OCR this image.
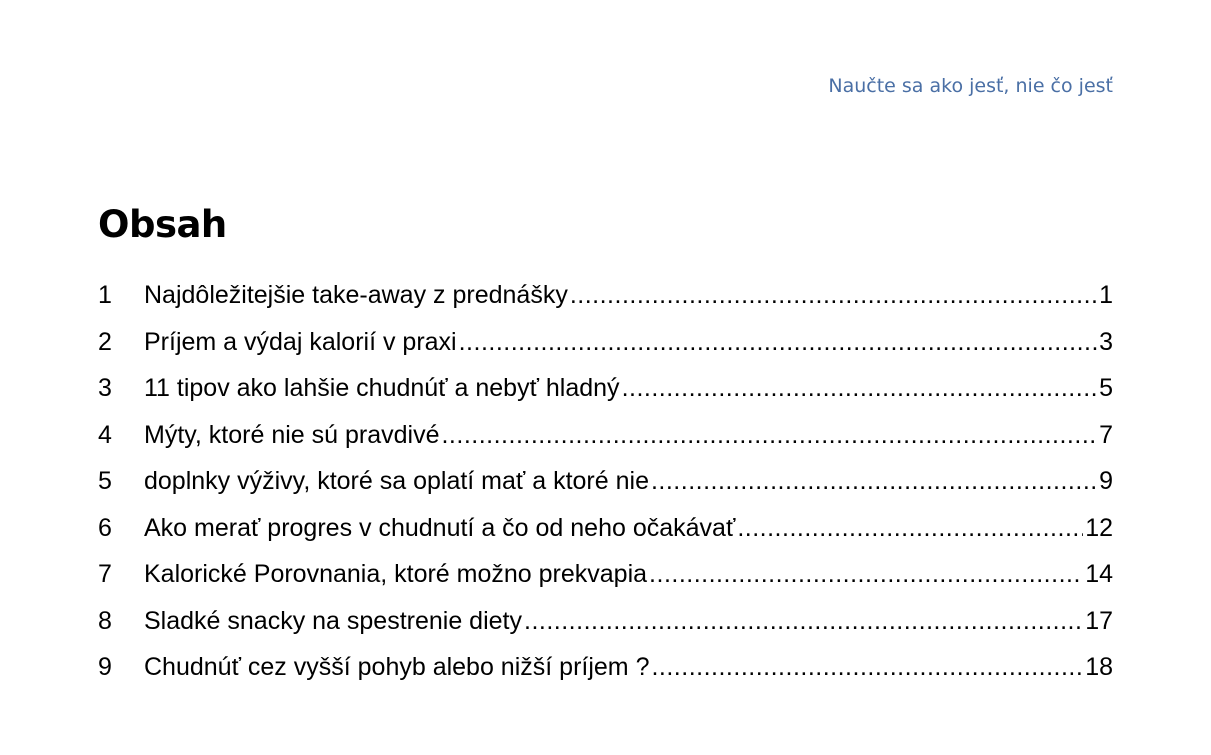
Naučte sa ako jesť, nie čo jesť
Obsah
1	Najdôležitejšie take-away z prednášky .....	1
2	Príjem a výdaj kalorií v praxi .....	3
3	11 tipov ako lahšie chudnúť a nebyť hladný .....	5
4	Mýty, ktoré nie sú pravdivé .....	7
5	doplnky výživy, ktoré sa oplatí mať a ktoré nie .....	9
6	Ako merať progres v chudnutí a čo od neho očakávať .....	12
7	Kalorické Porovnania, ktoré možno prekvapia .....	14
8	Sladké snacky na spestrenie diety .....	17
9	Chudnúť cez vyšší pohyb alebo nižší príjem ? .....	18
